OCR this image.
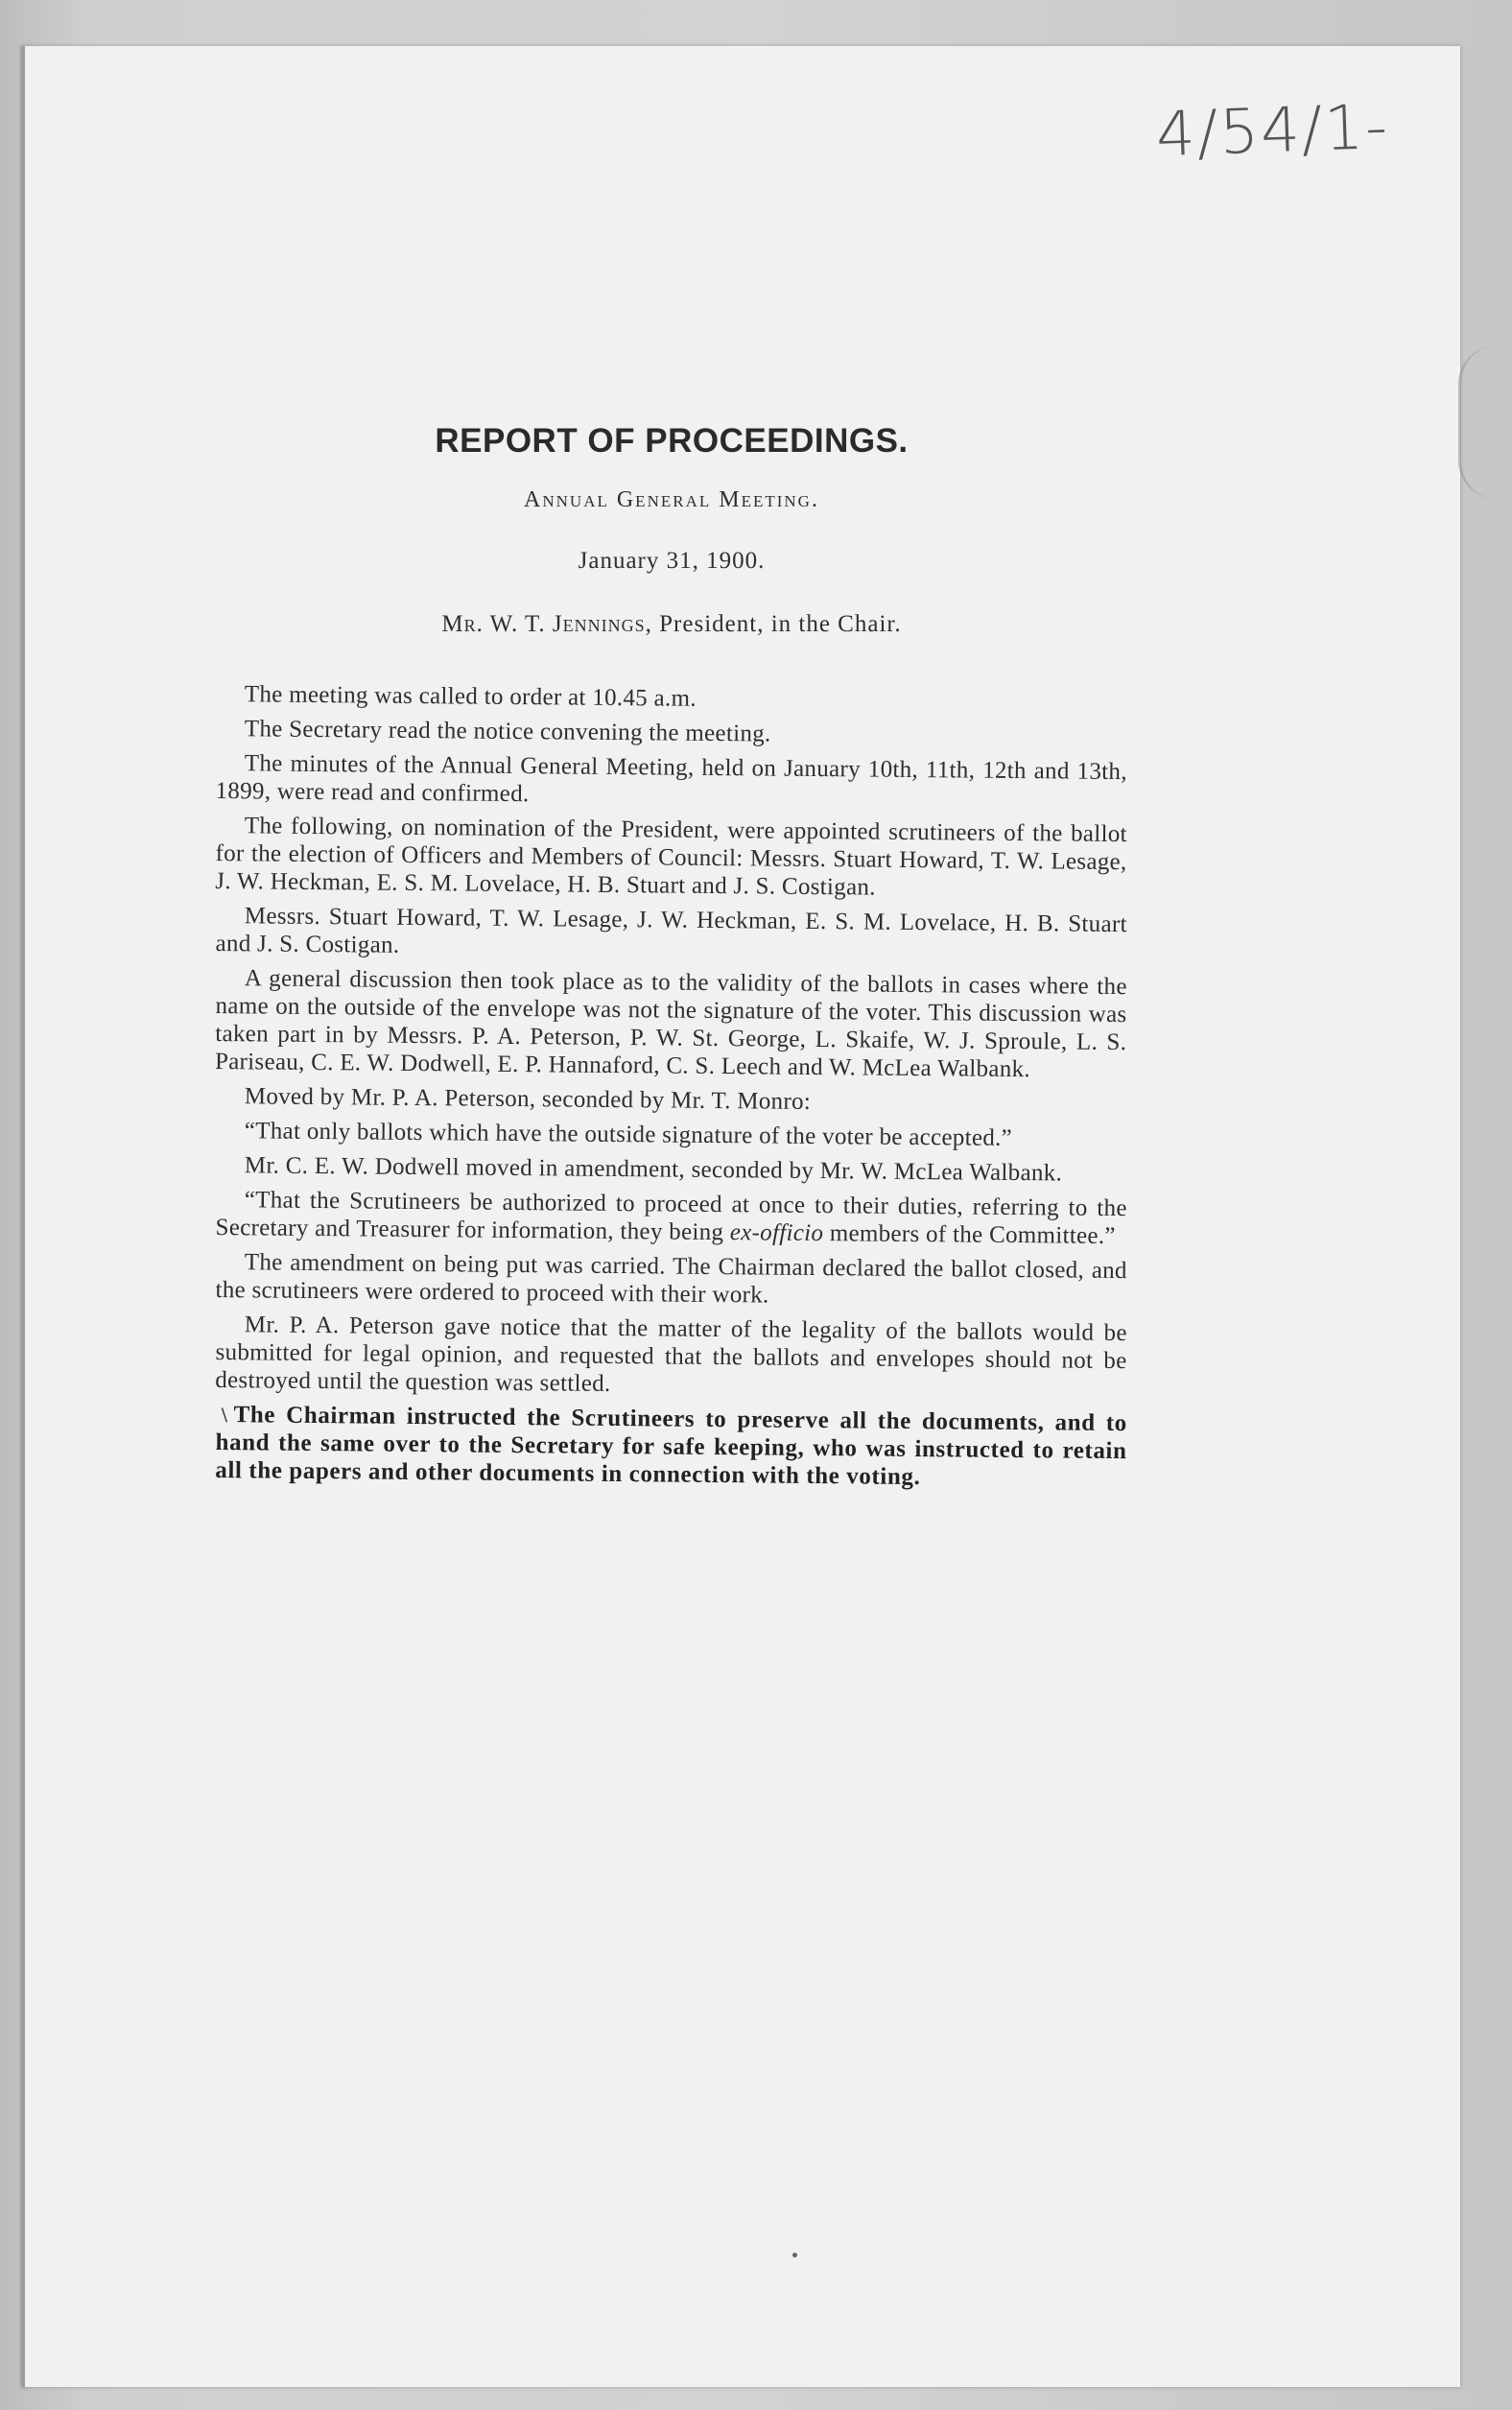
4/54/1-
REPORT OF PROCEEDINGS.
Annual General Meeting.
January 31, 1900.
Mr. W. T. Jennings, President, in the Chair.

The meeting was called to order at 10.45 a.m.

The Secretary read the notice convening the meeting.

The minutes of the Annual General Meeting, held on January 10th, 11th, 12th and 13th, 1899, were read and confirmed.

The following, on nomination of the President, were appointed scrutineers of the ballot for the election of Officers and Members of Council: Messrs. Stuart Howard, T. W. Lesage, J. W. Heckman, E. S. M. Lovelace, H. B. Stuart and J. S. Costigan.

Messrs. Stuart Howard, T. W. Lesage, J. W. Heckman, E. S. M. Lovelace, H. B. Stuart and J. S. Costigan.

A general discussion then took place as to the validity of the ballots in cases where the name on the outside of the envelope was not the signature of the voter. This discussion was taken part in by Messrs. P. A. Peterson, P. W. St. George, L. Skaife, W. J. Sproule, L. S. Pariseau, C. E. W. Dodwell, E. P. Hannaford, C. S. Leech and W. McLea Walbank.

Moved by Mr. P. A. Peterson, seconded by Mr. T. Monro:

“That only ballots which have the outside signature of the voter be accepted.”

Mr. C. E. W. Dodwell moved in amendment, seconded by Mr. W. McLea Walbank.

“That the Scrutineers be authorized to proceed at once to their duties, referring to the Secretary and Treasurer for information, they being ex-officio members of the Committee.”

The amendment on being put was carried. The Chairman declared the ballot closed, and the scrutineers were ordered to proceed with their work.

Mr. P. A. Peterson gave notice that the matter of the legality of the ballots would be submitted for legal opinion, and requested that the ballots and envelopes should not be destroyed until the question was settled.

\ The Chairman instructed the Scrutineers to preserve all the documents, and to hand the same over to the Secretary for safe keeping, who was instructed to retain all the papers and other documents in connection with the voting.
